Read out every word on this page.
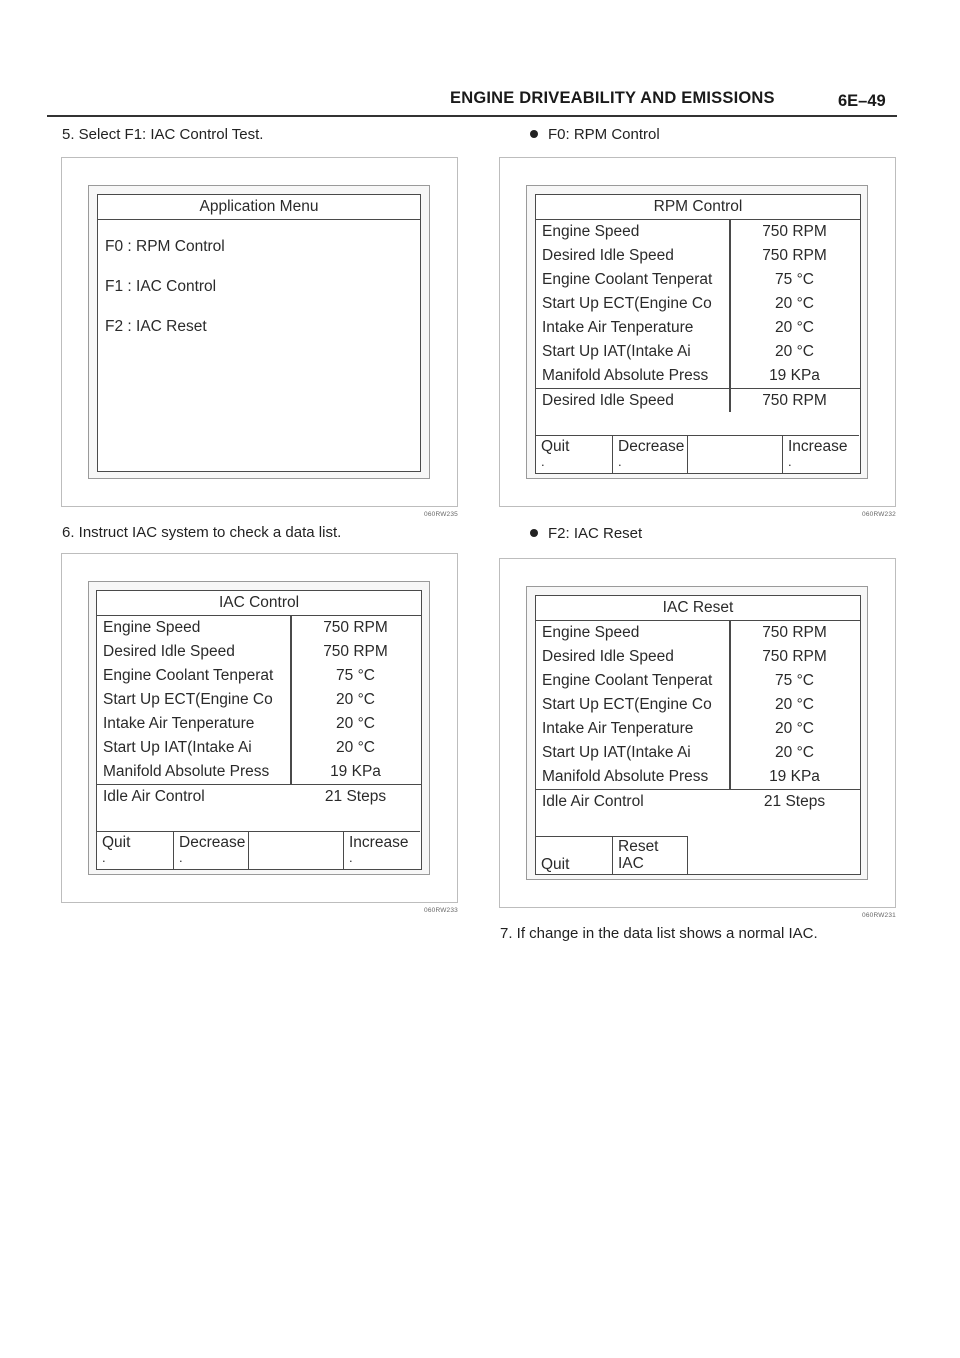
ENGINE DRIVEABILITY AND EMISSIONS	6E–49
5. Select F1: IAC Control Test.
Application Menu
F0 : RPM Control
F1 : IAC Control
F2 : IAC Reset
060RW235
6. Instruct IAC system to check a data list.
IAC Control
Engine Speed	750 RPM
Desired Idle Speed	750 RPM
Engine Coolant Tenperat	75 °C
Start Up ECT(Engine Co	20 °C
Intake Air Tenperature	20 °C
Start Up IAT(Intake Ai	20 °C
Manifold Absolute Press	19 KPa
Idle Air Control	21 Steps
Quit
.
Decrease
.
Increase
.
060RW233
F0: RPM Control
RPM Control
Engine Speed	750 RPM
Desired Idle Speed	750 RPM
Engine Coolant Tenperat	75 °C
Start Up ECT(Engine Co	20 °C
Intake Air Tenperature	20 °C
Start Up IAT(Intake Ai	20 °C
Manifold Absolute Press	19 KPa
Desired Idle Speed	750 RPM
Quit
.
Decrease
.
Increase
.
060RW232
F2: IAC Reset
IAC Reset
Engine Speed	750 RPM
Desired Idle Speed	750 RPM
Engine Coolant Tenperat	75 °C
Start Up ECT(Engine Co	20 °C
Intake Air Tenperature	20 °C
Start Up IAT(Intake Ai	20 °C
Manifold Absolute Press	19 KPa
Idle Air Control	21 Steps
Quit
Reset
IAC
060RW231
7. If change in the data list shows a normal IAC.
